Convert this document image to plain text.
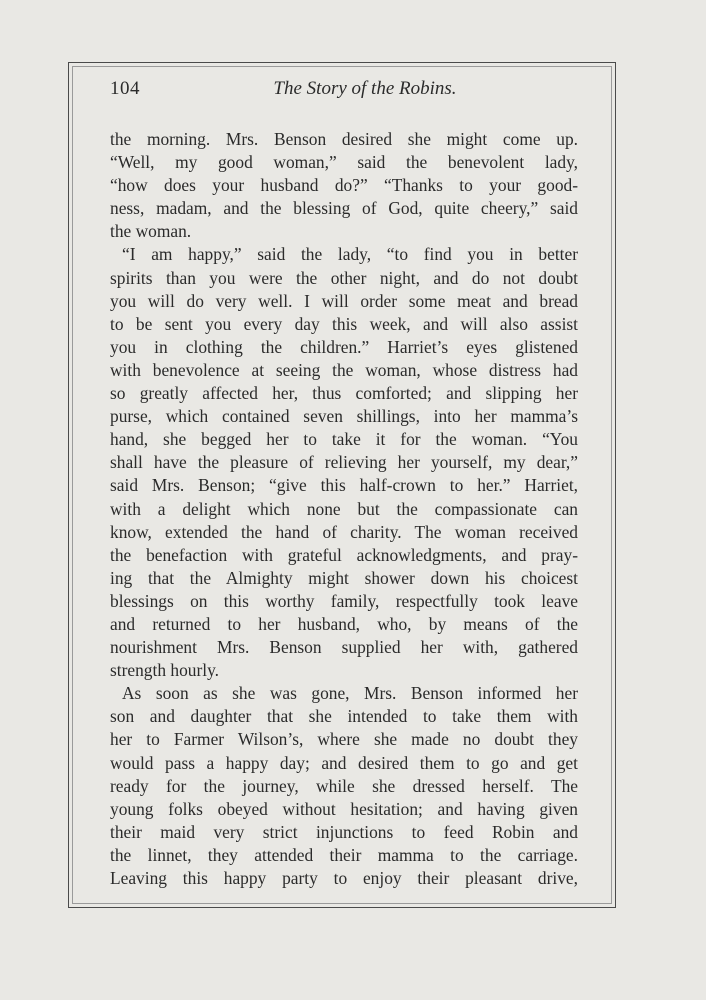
104	The Story of the Robins.
the morning. Mrs. Benson desired she might come up.
“Well, my good woman,” said the benevolent lady,
“how does your husband do?” “Thanks to your good-
ness, madam, and the blessing of God, quite cheery,” said
the woman.
“I am happy,” said the lady, “to find you in better
spirits than you were the other night, and do not doubt
you will do very well. I will order some meat and bread
to be sent you every day this week, and will also assist
you in clothing the children.” Harriet’s eyes glistened
with benevolence at seeing the woman, whose distress had
so greatly affected her, thus comforted; and slipping her
purse, which contained seven shillings, into her mamma’s
hand, she begged her to take it for the woman. “You
shall have the pleasure of relieving her yourself, my dear,”
said Mrs. Benson; “give this half-crown to her.” Harriet,
with a delight which none but the compassionate can
know, extended the hand of charity. The woman received
the benefaction with grateful acknowledgments, and pray-
ing that the Almighty might shower down his choicest
blessings on this worthy family, respectfully took leave
and returned to her husband, who, by means of the
nourishment Mrs. Benson supplied her with, gathered
strength hourly.
As soon as she was gone, Mrs. Benson informed her
son and daughter that she intended to take them with
her to Farmer Wilson’s, where she made no doubt they
would pass a happy day; and desired them to go and get
ready for the journey, while she dressed herself. The
young folks obeyed without hesitation; and having given
their maid very strict injunctions to feed Robin and
the linnet, they attended their mamma to the carriage.
Leaving this happy party to enjoy their pleasant drive,
